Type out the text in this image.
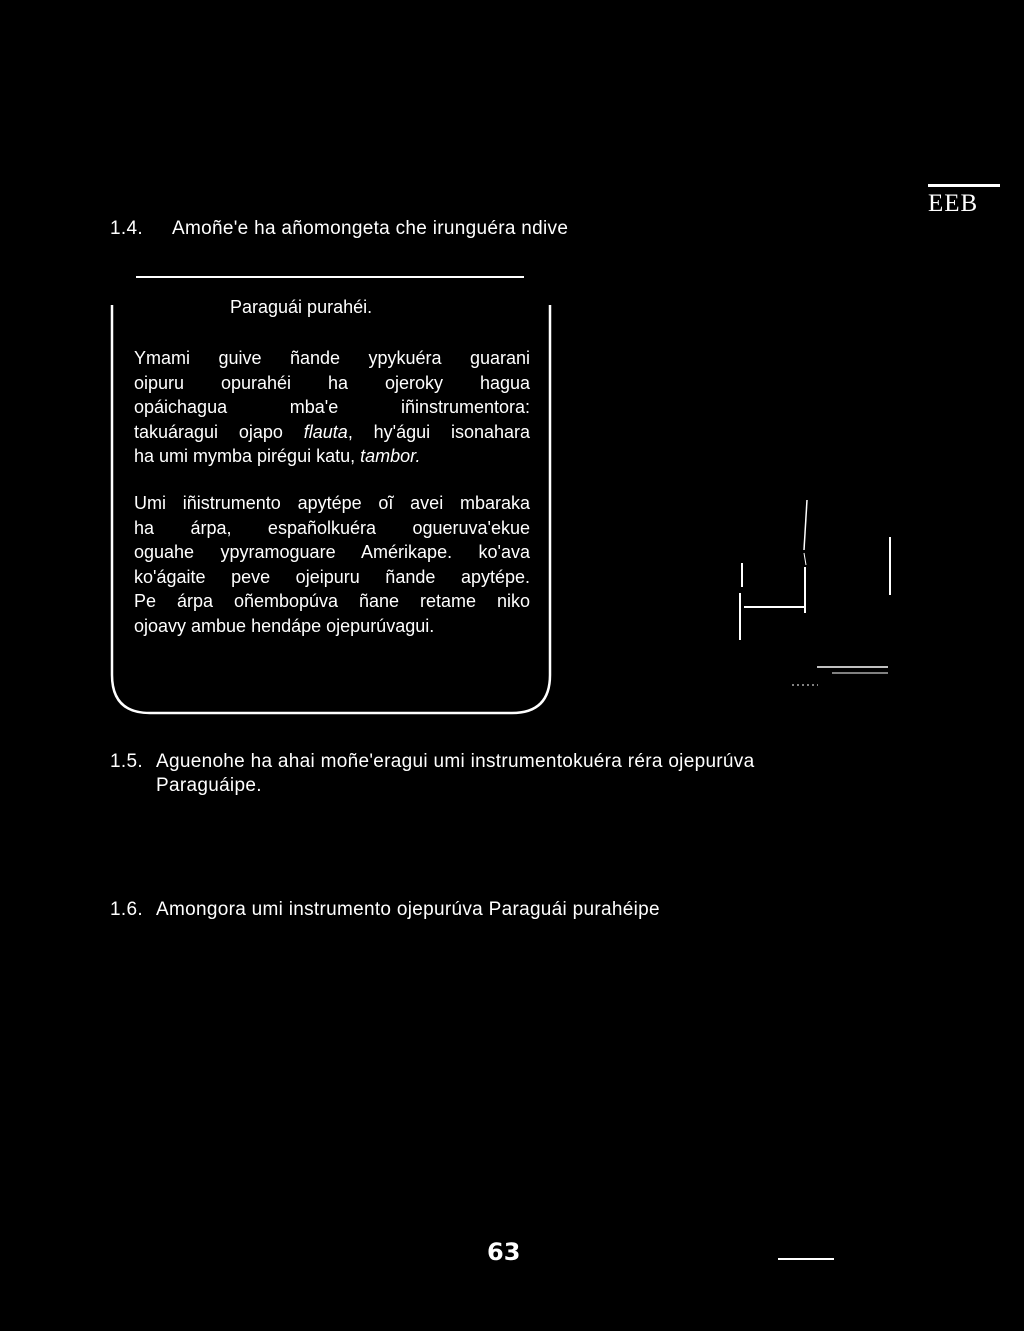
1.4. Amoñe'e ha añomongeta che irunguéra ndive
EEB
Paraguái purahéi.
Ymami guive ñande ypykuéra guarani
oipuru opurahéi ha ojeroky hagua
opáichagua mba'e iñinstrumentora:
takuáragui ojapo flauta, hy'águi isonahara
ha umi mymba pirégui katu, tambor.
Umi iñistrumento apytépe oĩ avei mbaraka
ha árpa, españolkuéra ogueruva'ekue
oguahe ypyramoguare Amérikape. ko'ava
ko'ágaite peve ojeipuru ñande apytépe.
Pe árpa oñembopúva ñane retame niko
ojoavy ambue hendápe ojepurúvagui.
1.5. Aguenohe ha ahai moñe'eragui umi instrumentokuéra réra ojepurúva
Paraguáipe.
1.6. Amongora umi instrumento ojepurúva Paraguái purahéipe
63
